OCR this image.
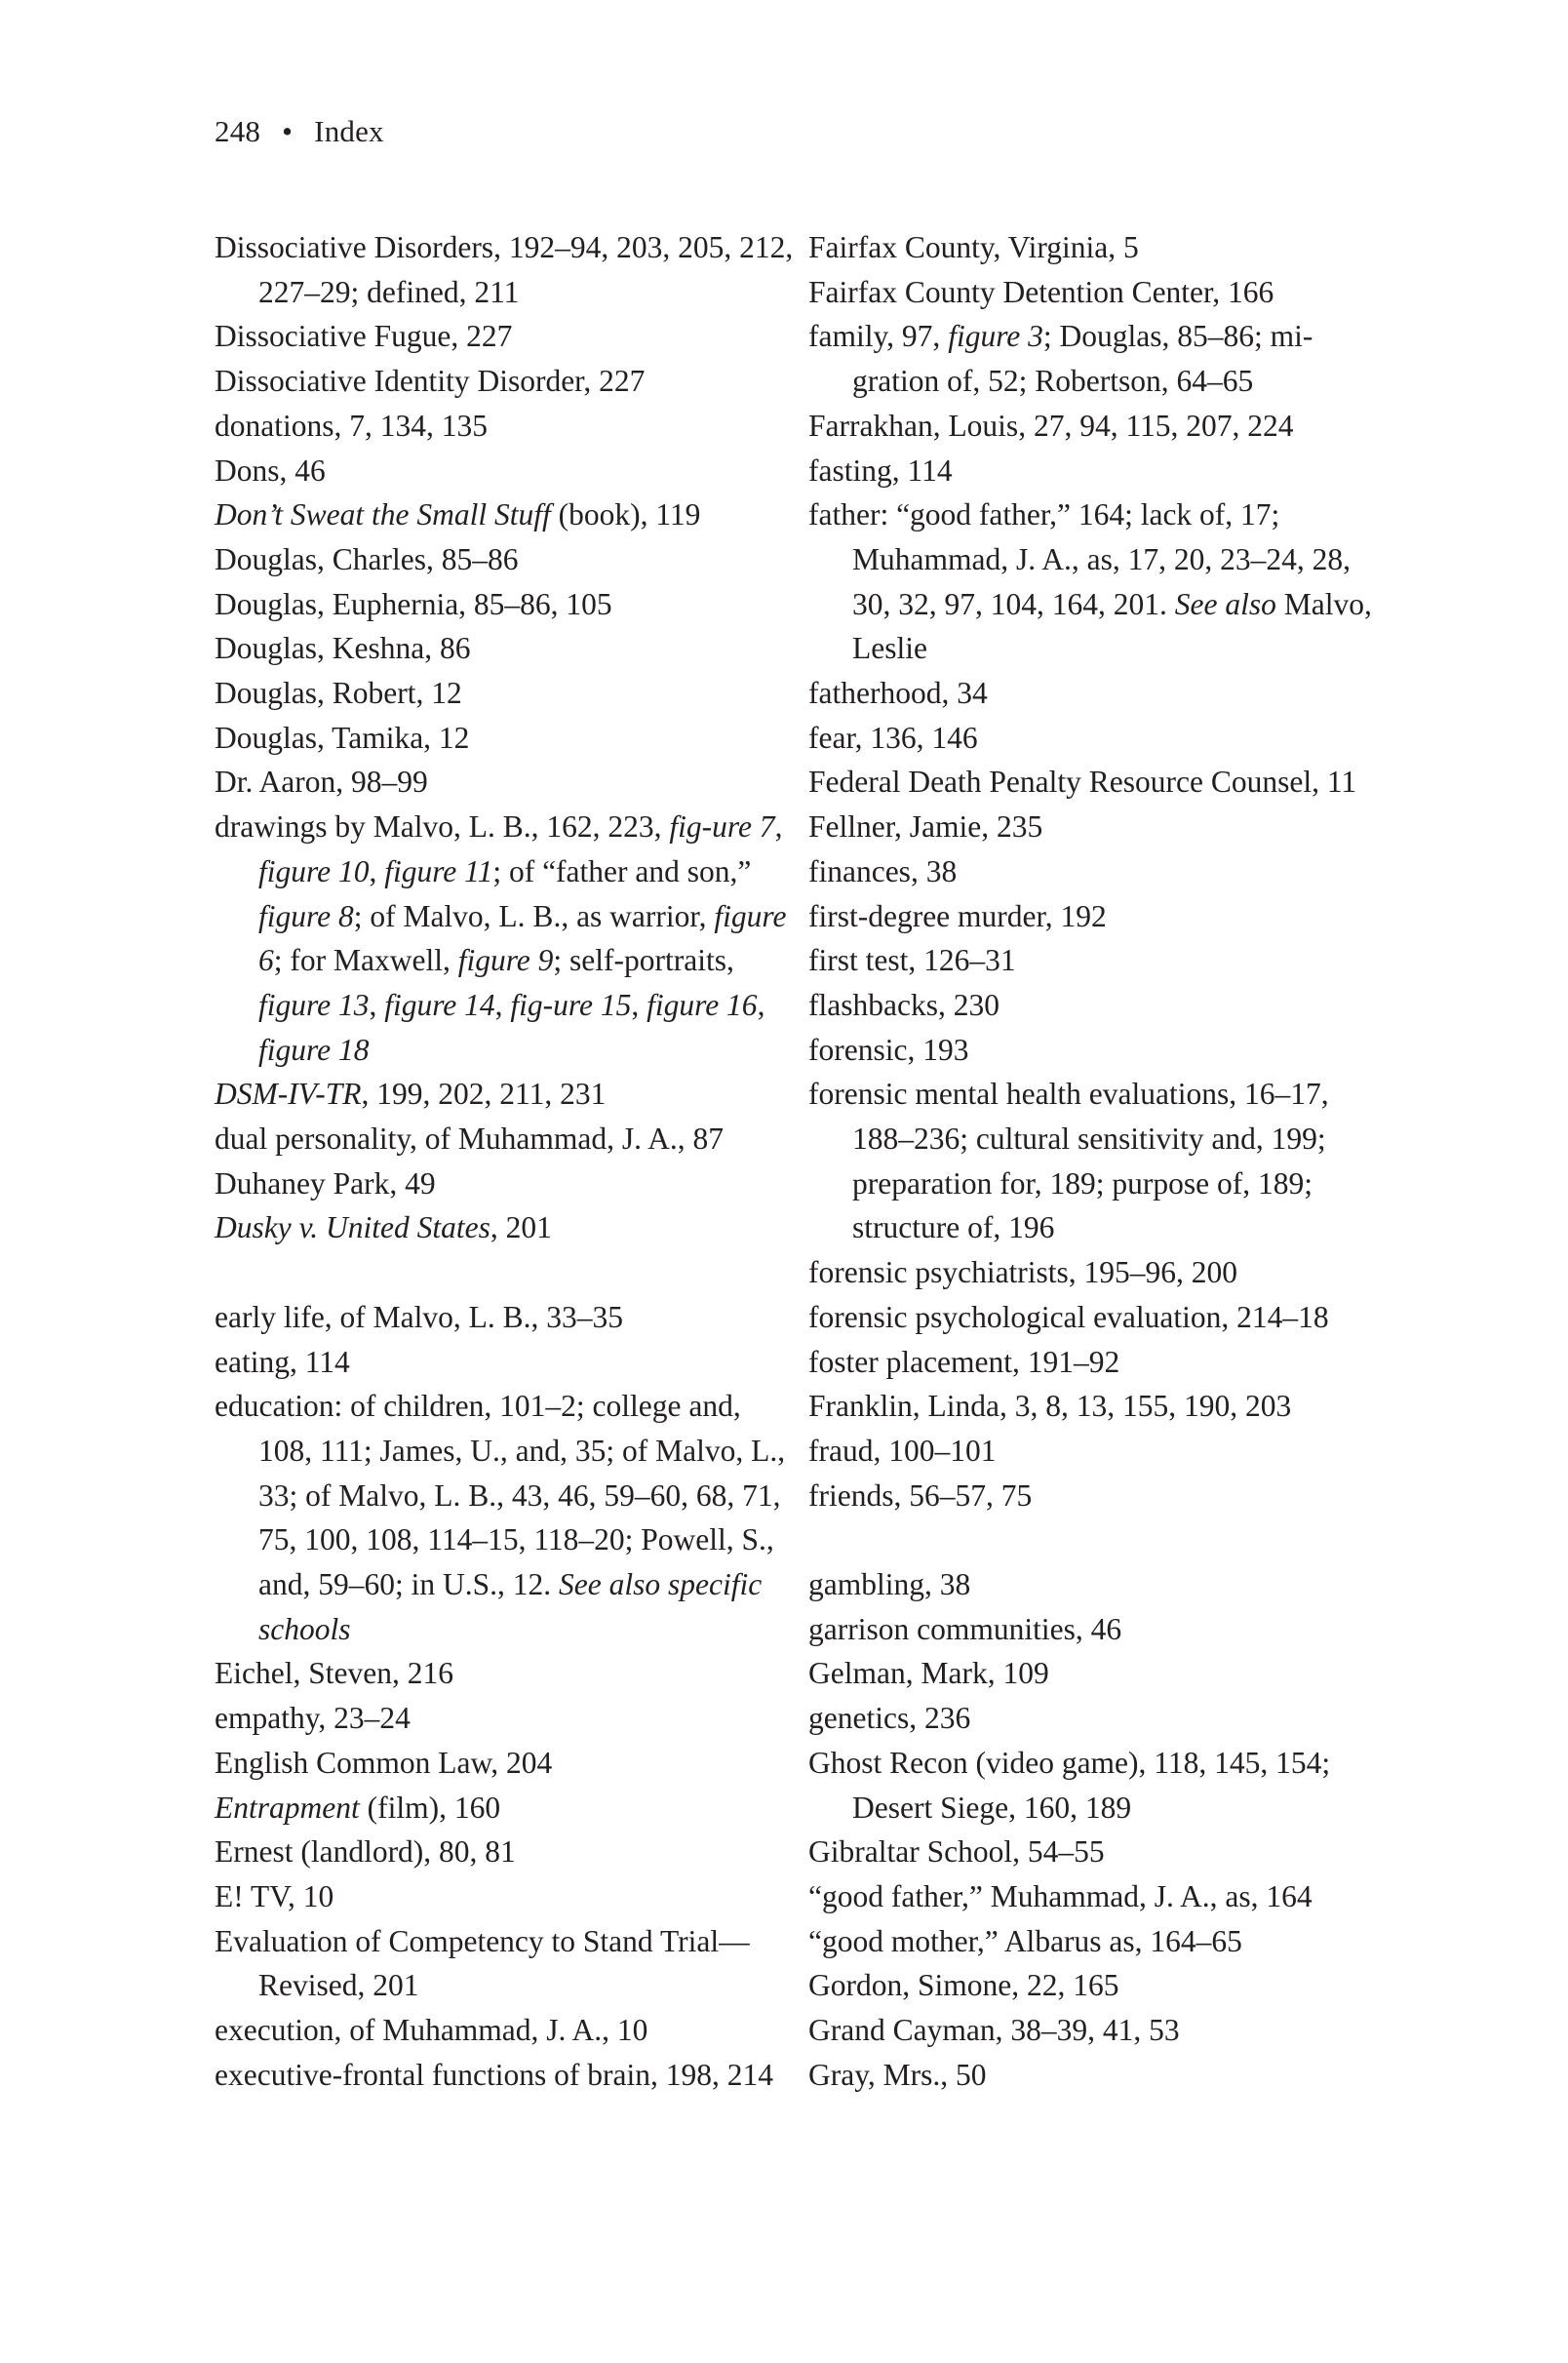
248 • Index
Dissociative Disorders, 192–94, 203, 205, 212, 227–29; defined, 211
Dissociative Fugue, 227
Dissociative Identity Disorder, 227
donations, 7, 134, 135
Dons, 46
Don’t Sweat the Small Stuff (book), 119
Douglas, Charles, 85–86
Douglas, Euphernia, 85–86, 105
Douglas, Keshna, 86
Douglas, Robert, 12
Douglas, Tamika, 12
Dr. Aaron, 98–99
drawings by Malvo, L. B., 162, 223, fig-ure 7, figure 10, figure 11; of “father and son,” figure 8; of Malvo, L. B., as warrior, figure 6; for Maxwell, figure 9; self-portraits, figure 13, figure 14, fig-ure 15, figure 16, figure 18
DSM-IV-TR, 199, 202, 211, 231
dual personality, of Muhammad, J. A., 87
Duhaney Park, 49
Dusky v. United States, 201
early life, of Malvo, L. B., 33–35
eating, 114
education: of children, 101–2; college and, 108, 111; James, U., and, 35; of Malvo, L., 33; of Malvo, L. B., 43, 46, 59–60, 68, 71, 75, 100, 108, 114–15, 118–20; Powell, S., and, 59–60; in U.S., 12. See also specific schools
Eichel, Steven, 216
empathy, 23–24
English Common Law, 204
Entrapment (film), 160
Ernest (landlord), 80, 81
E! TV, 10
Evaluation of Competency to Stand Trial—Revised, 201
execution, of Muhammad, J. A., 10
executive-frontal functions of brain, 198, 214
Fairfax County, Virginia, 5
Fairfax County Detention Center, 166
family, 97, figure 3; Douglas, 85–86; mi-gration of, 52; Robertson, 64–65
Farrakhan, Louis, 27, 94, 115, 207, 224
fasting, 114
father: “good father,” 164; lack of, 17; Muhammad, J. A., as, 17, 20, 23–24, 28, 30, 32, 97, 104, 164, 201. See also Malvo, Leslie
fatherhood, 34
fear, 136, 146
Federal Death Penalty Resource Counsel, 11
Fellner, Jamie, 235
finances, 38
first-degree murder, 192
first test, 126–31
flashbacks, 230
forensic, 193
forensic mental health evaluations, 16–17, 188–236; cultural sensitivity and, 199; preparation for, 189; purpose of, 189; structure of, 196
forensic psychiatrists, 195–96, 200
forensic psychological evaluation, 214–18
foster placement, 191–92
Franklin, Linda, 3, 8, 13, 155, 190, 203
fraud, 100–101
friends, 56–57, 75
gambling, 38
garrison communities, 46
Gelman, Mark, 109
genetics, 236
Ghost Recon (video game), 118, 145, 154; Desert Siege, 160, 189
Gibraltar School, 54–55
“good father,” Muhammad, J. A., as, 164
“good mother,” Albarus as, 164–65
Gordon, Simone, 22, 165
Grand Cayman, 38–39, 41, 53
Gray, Mrs., 50
